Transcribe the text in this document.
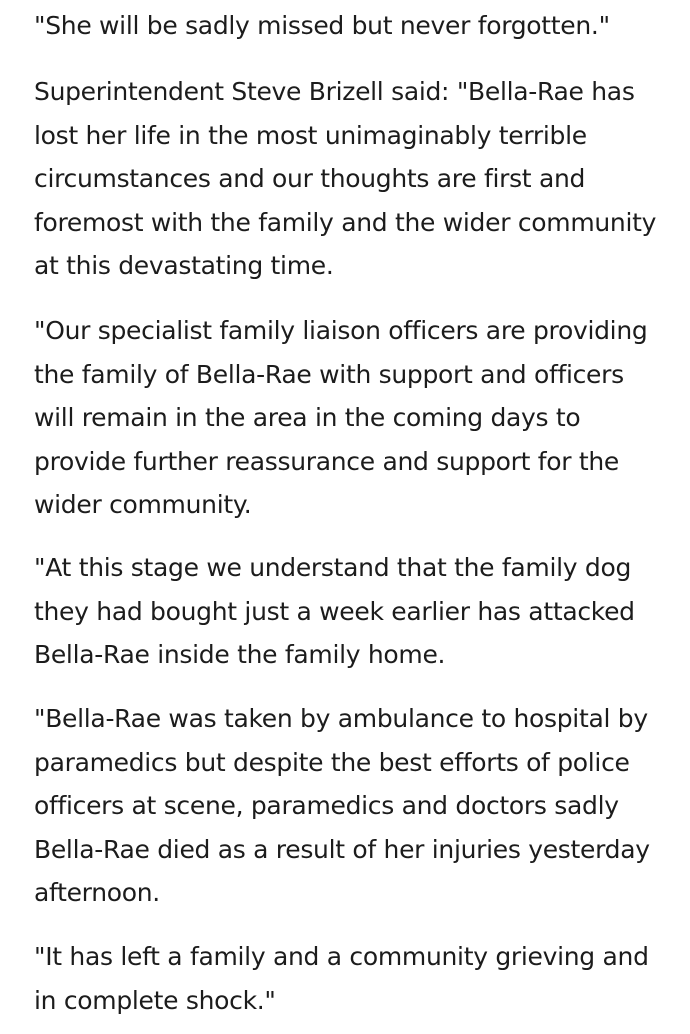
"She will be sadly missed but never forgotten."

Superintendent Steve Brizell said: "Bella-Rae has
lost her life in the most unimaginably terrible
circumstances and our thoughts are first and
foremost with the family and the wider community
at this devastating time.

"Our specialist family liaison officers are providing
the family of Bella-Rae with support and officers
will remain in the area in the coming days to
provide further reassurance and support for the
wider community.

"At this stage we understand that the family dog
they had bought just a week earlier has attacked
Bella-Rae inside the family home.

"Bella-Rae was taken by ambulance to hospital by
paramedics but despite the best efforts of police
officers at scene, paramedics and doctors sadly
Bella-Rae died as a result of her injuries yesterday
afternoon.

"It has left a family and a community grieving and
in complete shock."
